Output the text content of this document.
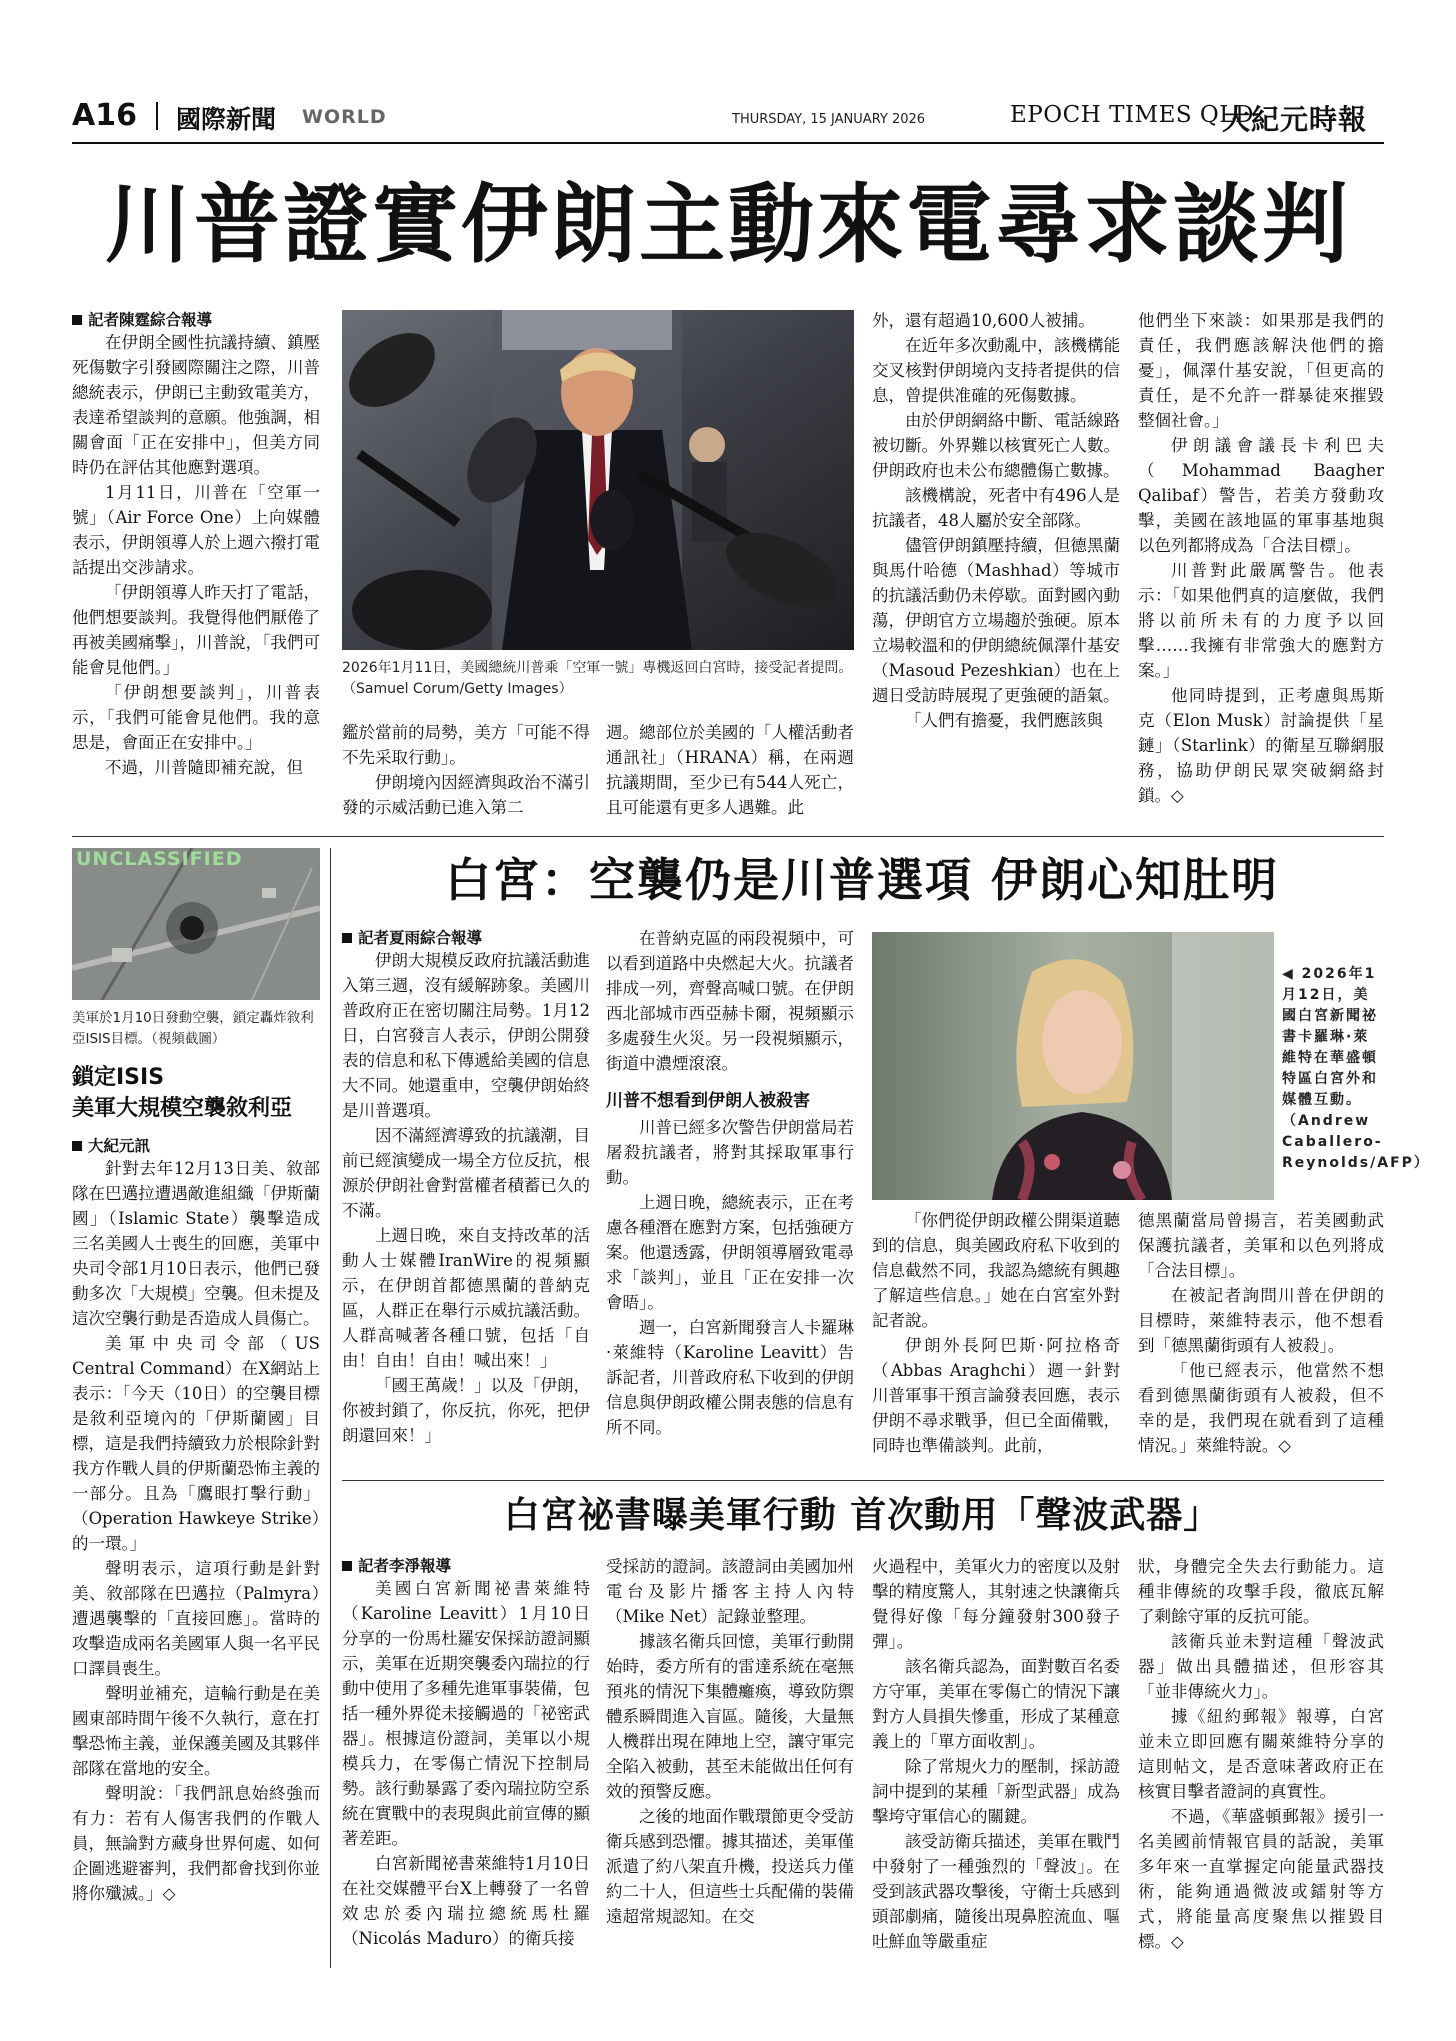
A16 國際新聞 WORLD	THURSDAY, 15 JANUARY 2026	EPOCH TIMES QLD
大紀元時報
川普證實伊朗主動來電尋求談判

記者陳霆綜合報導

在伊朗全國性抗議持續、鎮壓死傷數字引發國際關注之際，川普總統表示，伊朗已主動致電美方，表達希望談判的意願。他強調，相關會面「正在安排中」，但美方同時仍在評估其他應對選項。

1月11日，川普在「空軍一號」（Air Force One）上向媒體表示，伊朗領導人於上週六撥打電話提出交涉請求。

「伊朗領導人昨天打了電話，他們想要談判。我覺得他們厭倦了再被美國痛擊」，川普說，「我們可能會見他們。」

「伊朗想要談判」，川普表示，「我們可能會見他們。我的意思是，會面正在安排中。」

不過，川普隨即補充說，但

2026年1月11日，美國總統川普乘「空軍一號」專機返回白宮時，接受記者提問。（Samuel Corum/Getty Images）

鑑於當前的局勢，美方「可能不得不先采取行動」。

伊朗境內因經濟與政治不滿引發的示威活動已進入第二

週。總部位於美國的「人權活動者通訊社」（HRANA）稱，在兩週抗議期間，至少已有544人死亡，且可能還有更多人遇難。此

外，還有超過10,600人被捕。

在近年多次動亂中，該機構能交叉核對伊朗境內支持者提供的信息，曾提供准確的死傷數據。

由於伊朗網絡中斷、電話線路被切斷。外界難以核實死亡人數。伊朗政府也未公布總體傷亡數據。

該機構說，死者中有496人是抗議者，48人屬於安全部隊。

儘管伊朗鎮壓持續，但德黑蘭與馬什哈德（Mashhad）等城市的抗議活動仍未停歇。面對國內動蕩，伊朗官方立場趨於強硬。原本立場較溫和的伊朗總統佩澤什基安（Masoud Pezeshkian）也在上週日受訪時展現了更強硬的語氣。

「人們有擔憂，我們應該與

他們坐下來談：如果那是我們的責任，我們應該解決他們的擔憂」，佩澤什基安說，「但更高的責任，是不允許一群暴徒來摧毀整個社會。」

伊朗議會議長卡利巴夫（Mohammad Baagher Qalibaf）警告，若美方發動攻擊，美國在該地區的軍事基地與以色列都將成為「合法目標」。

川普對此嚴厲警告。他表示：「如果他們真的這麼做，我們將以前所未有的力度予以回擊……我擁有非常強大的應對方案。」

他同時提到，正考慮與馬斯克（Elon Musk）討論提供「星鏈」（Starlink）的衛星互聯網服務，協助伊朗民眾突破網絡封鎖。◇

UNCLASSIFIED
美軍於1月10日發動空襲，鎖定轟炸敘利亞ISIS目標。（視頻截圖）
鎖定ISIS
美軍大規模空襲敘利亞

大紀元訊

針對去年12月13日美、敘部隊在巴邁拉遭遇敵進組織「伊斯蘭國」（Islamic State）襲擊造成三名美國人士喪生的回應，美軍中央司令部1月10日表示，他們已發動多次「大規模」空襲。但未提及這次空襲行動是否造成人員傷亡。

美軍中央司令部（US Central Command）在X網站上表示：「今天（10日）的空襲目標是敘利亞境內的「伊斯蘭國」目標，這是我們持續致力於根除針對我方作戰人員的伊斯蘭恐怖主義的一部分。且為「鷹眼打擊行動」（Operation Hawkeye Strike）的一環。」

聲明表示，這項行動是針對美、敘部隊在巴邁拉（Palmyra）遭遇襲擊的「直接回應」。當時的攻擊造成兩名美國軍人與一名平民口譯員喪生。

聲明並補充，這輪行動是在美國東部時間午後不久執行，意在打擊恐怖主義，並保護美國及其夥伴部隊在當地的安全。

聲明說：「我們訊息始終強而有力：若有人傷害我們的作戰人員，無論對方藏身世界何處、如何企圖逃避審判，我們都會找到你並將你殲滅。」◇

白宮：空襲仍是川普選項 伊朗心知肚明

記者夏雨綜合報導

伊朗大規模反政府抗議活動進入第三週，沒有緩解跡象。美國川普政府正在密切關注局勢。1月12日，白宮發言人表示，伊朗公開發表的信息和私下傳遞給美國的信息大不同。她還重申，空襲伊朗始終是川普選項。

因不滿經濟導致的抗議潮，目前已經演變成一場全方位反抗，根源於伊朗社會對當權者積蓄已久的不滿。

上週日晚，來自支持改革的活動人士媒體IranWire的視頻顯示，在伊朗首都德黑蘭的普納克區，人群正在舉行示威抗議活動。人群高喊著各種口號，包括「自由！自由！自由！喊出來！」

「國王萬歲！」以及「伊朗，你被封鎖了，你反抗，你死，把伊朗還回來！」

在普納克區的兩段視頻中，可以看到道路中央燃起大火。抗議者排成一列，齊聲高喊口號。在伊朗西北部城市西亞赫卡爾，視頻顯示多處發生火災。另一段視頻顯示，街道中濃煙滾滾。

川普不想看到伊朗人被殺害

川普已經多次警告伊朗當局若屠殺抗議者，將對其採取軍事行動。

上週日晚，總統表示，正在考慮各種潛在應對方案，包括強硬方案。他還透露，伊朗領導層致電尋求「談判」，並且「正在安排一次會晤」。

週一，白宮新聞發言人卡羅琳·萊維特（Karoline Leavitt）告訴記者，川普政府私下收到的伊朗信息與伊朗政權公開表態的信息有所不同。

◀ 2026年1月12日，美國白宮新聞祕書卡羅琳·萊維特在華盛頓特區白宮外和媒體互動。（Andrew Caballero-Reynolds/AFP）

「你們從伊朗政權公開渠道聽到的信息，與美國政府私下收到的信息截然不同，我認為總統有興趣了解這些信息。」她在白宮室外對記者說。

伊朗外長阿巴斯·阿拉格奇（Abbas Araghchi）週一針對川普軍事干預言論發表回應，表示伊朗不尋求戰爭，但已全面備戰，同時也準備談判。此前，

德黑蘭當局曾揚言，若美國動武保護抗議者，美軍和以色列將成「合法目標」。

在被記者詢問川普在伊朗的目標時，萊維特表示，他不想看到「德黑蘭街頭有人被殺」。

「他已經表示，他當然不想看到德黑蘭街頭有人被殺，但不幸的是，我們現在就看到了這種情況。」萊維特說。◇

白宮祕書曝美軍行動 首次動用「聲波武器」

記者李淨報導

美國白宮新聞祕書萊維特（Karoline Leavitt）1月10日分享的一份馬杜羅安保採訪證詞顯示，美軍在近期突襲委內瑞拉的行動中使用了多種先進軍事裝備，包括一種外界從未接觸過的「祕密武器」。根據這份證詞，美軍以小規模兵力，在零傷亡情況下控制局勢。該行動暴露了委內瑞拉防空系統在實戰中的表現與此前宣傳的顯著差距。

白宮新聞祕書萊維特1月10日在社交媒體平台X上轉發了一名曾效忠於委內瑞拉總統馬杜羅（Nicolás Maduro）的衛兵接

受採訪的證詞。該證詞由美國加州電台及影片播客主持人內特（Mike Net）記錄並整理。

據該名衛兵回憶，美軍行動開始時，委方所有的雷達系統在毫無預兆的情況下集體癱瘓，導致防禦體系瞬間進入盲區。隨後，大量無人機群出現在陣地上空，讓守軍完全陷入被動，甚至未能做出任何有效的預警反應。

之後的地面作戰環節更令受訪衛兵感到恐懼。據其描述，美軍僅派遣了約八架直升機，投送兵力僅約二十人，但這些士兵配備的裝備遠超常規認知。在交

火過程中，美軍火力的密度以及射擊的精度驚人，其射速之快讓衛兵覺得好像「每分鐘發射300發子彈」。

該名衛兵認為，面對數百名委方守軍，美軍在零傷亡的情況下讓對方人員損失慘重，形成了某種意義上的「單方面收割」。

除了常規火力的壓制，採訪證詞中提到的某種「新型武器」成為擊垮守軍信心的關鍵。

該受訪衛兵描述，美軍在戰鬥中發射了一種強烈的「聲波」。在受到該武器攻擊後，守衛士兵感到頭部劇痛，隨後出現鼻腔流血、嘔吐鮮血等嚴重症

狀，身體完全失去行動能力。這種非傳統的攻擊手段，徹底瓦解了剩餘守軍的反抗可能。

該衛兵並未對這種「聲波武器」做出具體描述，但形容其「並非傳統火力」。

據《紐約郵報》報導，白宮並未立即回應有關萊維特分享的這則帖文，是否意味著政府正在核實目擊者證詞的真實性。

不過，《華盛頓郵報》援引一名美國前情報官員的話說，美軍多年來一直掌握定向能量武器技術，能夠通過微波或鐳射等方式，將能量高度聚焦以摧毀目標。◇
